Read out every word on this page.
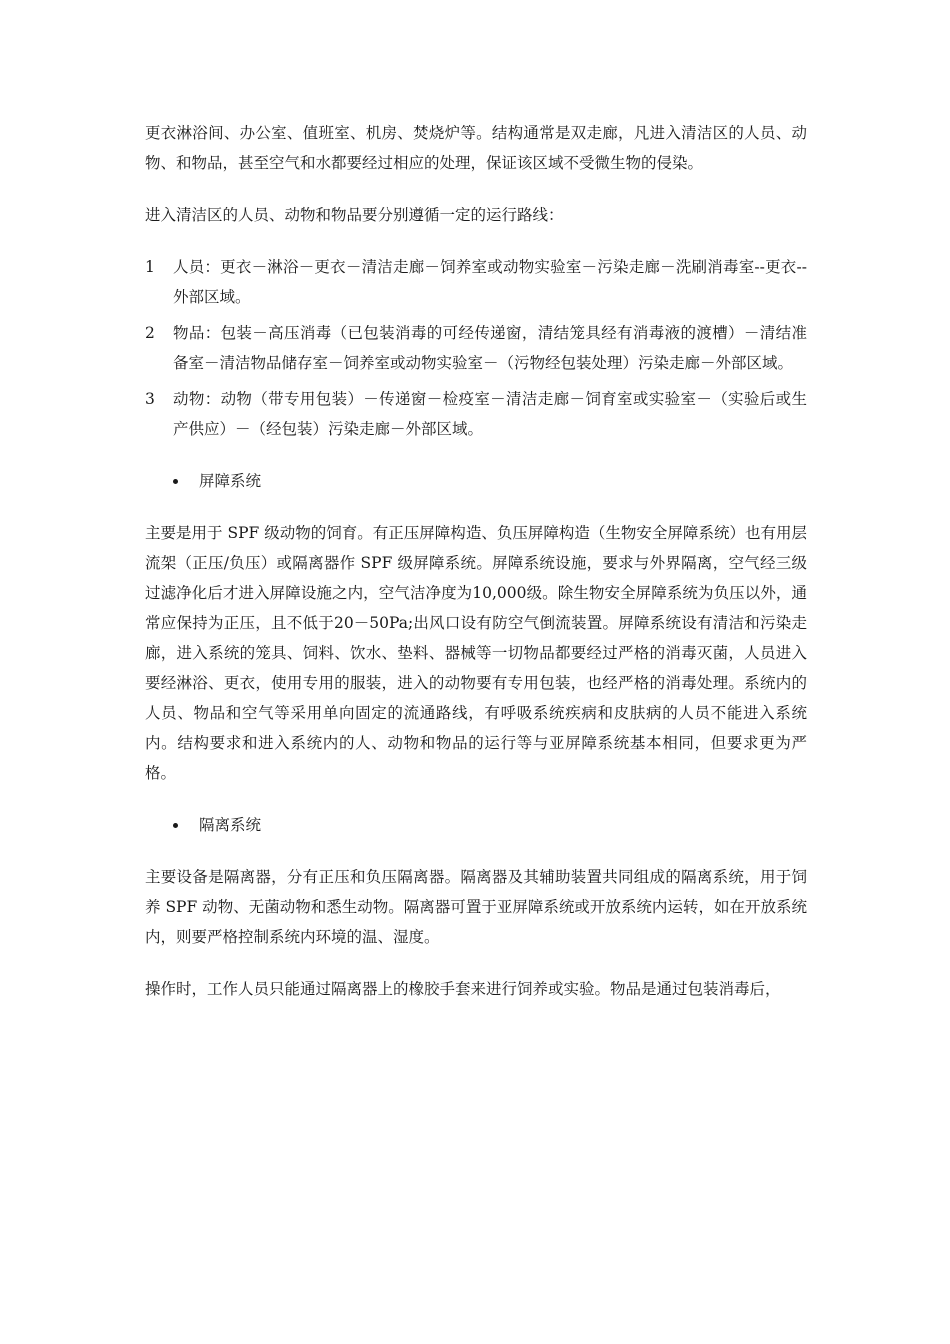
更衣淋浴间、办公室、值班室、机房、焚烧炉等。结构通常是双走廊，凡进入清洁区的人员、动物、和物品，甚至空气和水都要经过相应的处理，保证该区域不受微生物的侵染。

进入清洁区的人员、动物和物品要分别遵循一定的运行路线：

1	人员：更衣－淋浴－更衣－清洁走廊－饲养室或动物实验室－污染走廊－洗刷消毒室--更衣--外部区域。
2	物品：包装－高压消毒（已包装消毒的可经传递窗，清结笼具经有消毒液的渡槽）－清结准备室－清洁物品储存室－饲养室或动物实验室－（污物经包装处理）污染走廊－外部区域。
3	动物：动物（带专用包装）－传递窗－检疫室－清洁走廊－饲育室或实验室－（实验后或生产供应）－（经包装）污染走廊－外部区域。
屏障系统

主要是用于 SPF 级动物的饲育。有正压屏障构造、负压屏障构造（生物安全屏障系统）也有用层流架（正压/负压）或隔离器作 SPF 级屏障系统。屏障系统设施，要求与外界隔离，空气经三级过滤净化后才进入屏障设施之内，空气洁净度为10,000级。除生物安全屏障系统为负压以外，通常应保持为正压，且不低于20－50Pa;出风口设有防空气倒流装置。屏障系统设有清洁和污染走廊，进入系统的笼具、饲料、饮水、垫料、器械等一切物品都要经过严格的消毒灭菌，人员进入要经淋浴、更衣，使用专用的服装，进入的动物要有专用包装，也经严格的消毒处理。系统内的人员、物品和空气等采用单向固定的流通路线，有呼吸系统疾病和皮肤病的人员不能进入系统内。结构要求和进入系统内的人、动物和物品的运行等与亚屏障系统基本相同，但要求更为严格。

隔离系统

主要设备是隔离器，分有正压和负压隔离器。隔离器及其辅助装置共同组成的隔离系统，用于饲养 SPF 动物、无菌动物和悉生动物。隔离器可置于亚屏障系统或开放系统内运转，如在开放系统内，则要严格控制系统内环境的温、湿度。

操作时，工作人员只能通过隔离器上的橡胶手套来进行饲养或实验。物品是通过包装消毒后，
